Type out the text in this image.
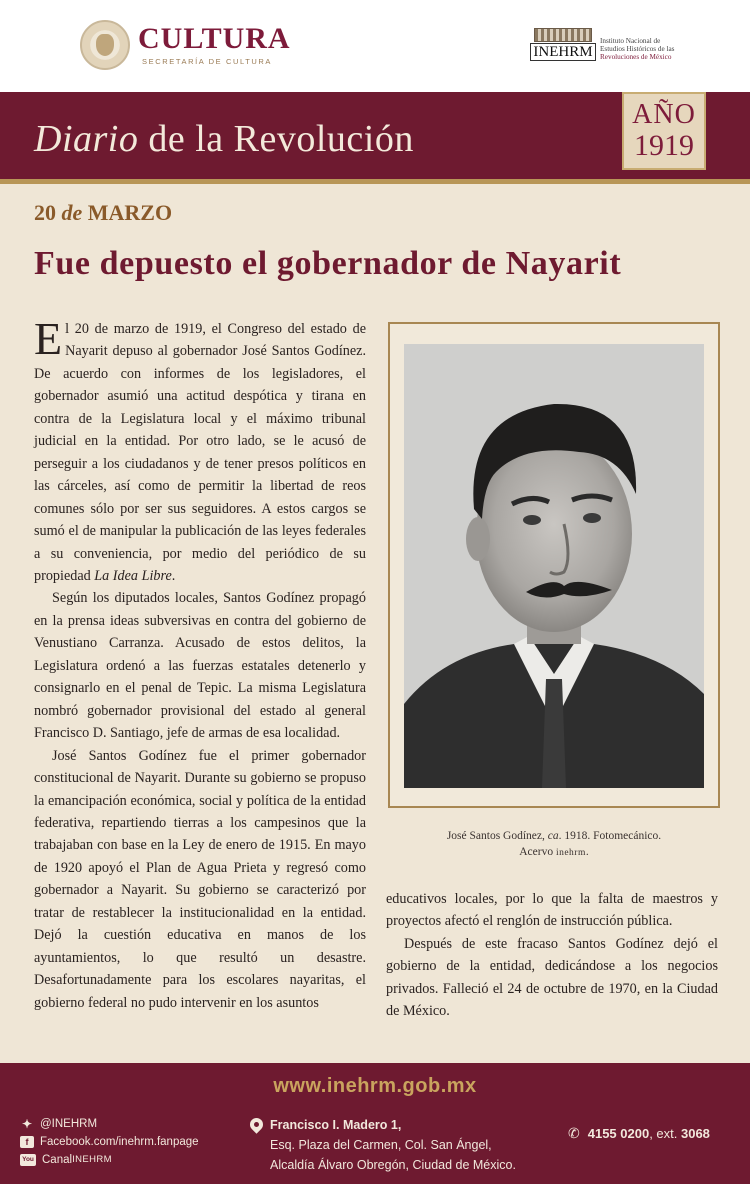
CULTURA
SECRETARÍA DE CULTURA
INEHRM
Instituto Nacional de
Estudios Históricos de las
Revoluciones de México
Diario de la Revolución
AÑO
1919
20 de MARZO
Fue depuesto el gobernador de Nayarit

El 20 de marzo de 1919, el Congreso del estado de Nayarit depuso al gobernador José Santos Godínez. De acuerdo con informes de los legisladores, el gobernador asumió una actitud despótica y tirana en contra de la Legislatura local y el máximo tribunal judicial en la entidad. Por otro lado, se le acusó de perseguir a los ciudadanos y de tener presos políticos en las cárceles, así como de permitir la libertad de reos comunes sólo por ser sus seguidores. A estos cargos se sumó el de manipular la publicación de las leyes federales a su conveniencia, por medio del periódico de su propiedad La Idea Libre.

Según los diputados locales, Santos Godínez propagó en la prensa ideas subversivas en contra del gobierno de Venustiano Carranza. Acusado de estos delitos, la Legislatura ordenó a las fuerzas estatales detenerlo y consignarlo en el penal de Tepic. La misma Legislatura nombró gobernador provisional del estado al general Francisco D. Santiago, jefe de armas de esa localidad.

José Santos Godínez fue el primer gobernador constitucional de Nayarit. Durante su gobierno se propuso la emancipación económica, social y política de la entidad federativa, repartiendo tierras a los campesinos que la trabajaban con base en la Ley de enero de 1915. En mayo de 1920 apoyó el Plan de Agua Prieta y regresó como gobernador a Nayarit. Su gobierno se caracterizó por tratar de restablecer la institucionalidad en la entidad. Dejó la cuestión educativa en manos de los ayuntamientos, lo que resultó un desastre. Desafortunadamente para los escolares nayaritas, el gobierno federal no pudo intervenir en los asuntos

José Santos Godínez, ca. 1918. Fotomecánico.
Acervo inehrm.

educativos locales, por lo que la falta de maestros y proyectos afectó el renglón de instrucción pública.

Después de este fracaso Santos Godínez dejó el gobierno de la entidad, dedicándose a los negocios privados. Falleció el 24 de octubre de 1970, en la Ciudad de México.

www.inehrm.gob.mx
✦ @INEHRM
f	Facebook.com/inehrm.fanpage
You Canal INEHRM
Francisco I. Madero 1,
Esq. Plaza del Carmen, Col. San Ángel,
Alcaldía Álvaro Obregón, Ciudad de México.
✆ 4155 0200, ext. 3068
